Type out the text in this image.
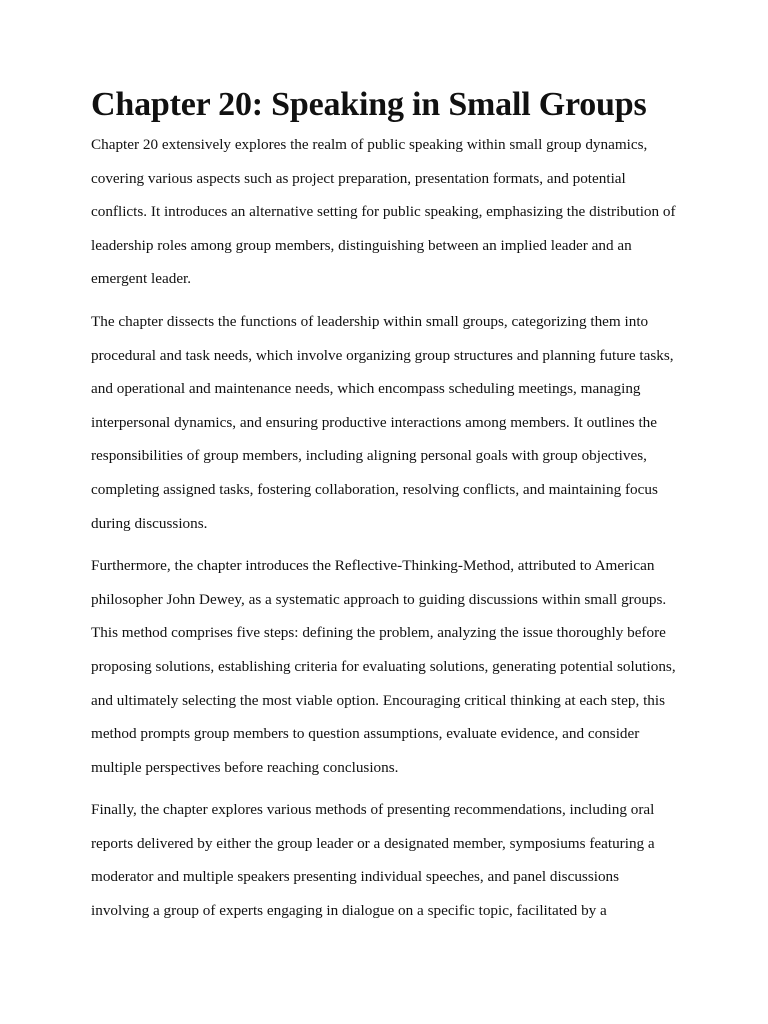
Chapter 20: Speaking in Small Groups

Chapter 20 extensively explores the realm of public speaking within small group dynamics, covering various aspects such as project preparation, presentation formats, and potential conflicts. It introduces an alternative setting for public speaking, emphasizing the distribution of leadership roles among group members, distinguishing between an implied leader and an emergent leader.

The chapter dissects the functions of leadership within small groups, categorizing them into procedural and task needs, which involve organizing group structures and planning future tasks, and operational and maintenance needs, which encompass scheduling meetings, managing interpersonal dynamics, and ensuring productive interactions among members. It outlines the responsibilities of group members, including aligning personal goals with group objectives, completing assigned tasks, fostering collaboration, resolving conflicts, and maintaining focus during discussions.

Furthermore, the chapter introduces the Reflective-Thinking-Method, attributed to American philosopher John Dewey, as a systematic approach to guiding discussions within small groups. This method comprises five steps: defining the problem, analyzing the issue thoroughly before proposing solutions, establishing criteria for evaluating solutions, generating potential solutions, and ultimately selecting the most viable option. Encouraging critical thinking at each step, this method prompts group members to question assumptions, evaluate evidence, and consider multiple perspectives before reaching conclusions.

Finally, the chapter explores various methods of presenting recommendations, including oral reports delivered by either the group leader or a designated member, symposiums featuring a moderator and multiple speakers presenting individual speeches, and panel discussions involving a group of experts engaging in dialogue on a specific topic, facilitated by a
